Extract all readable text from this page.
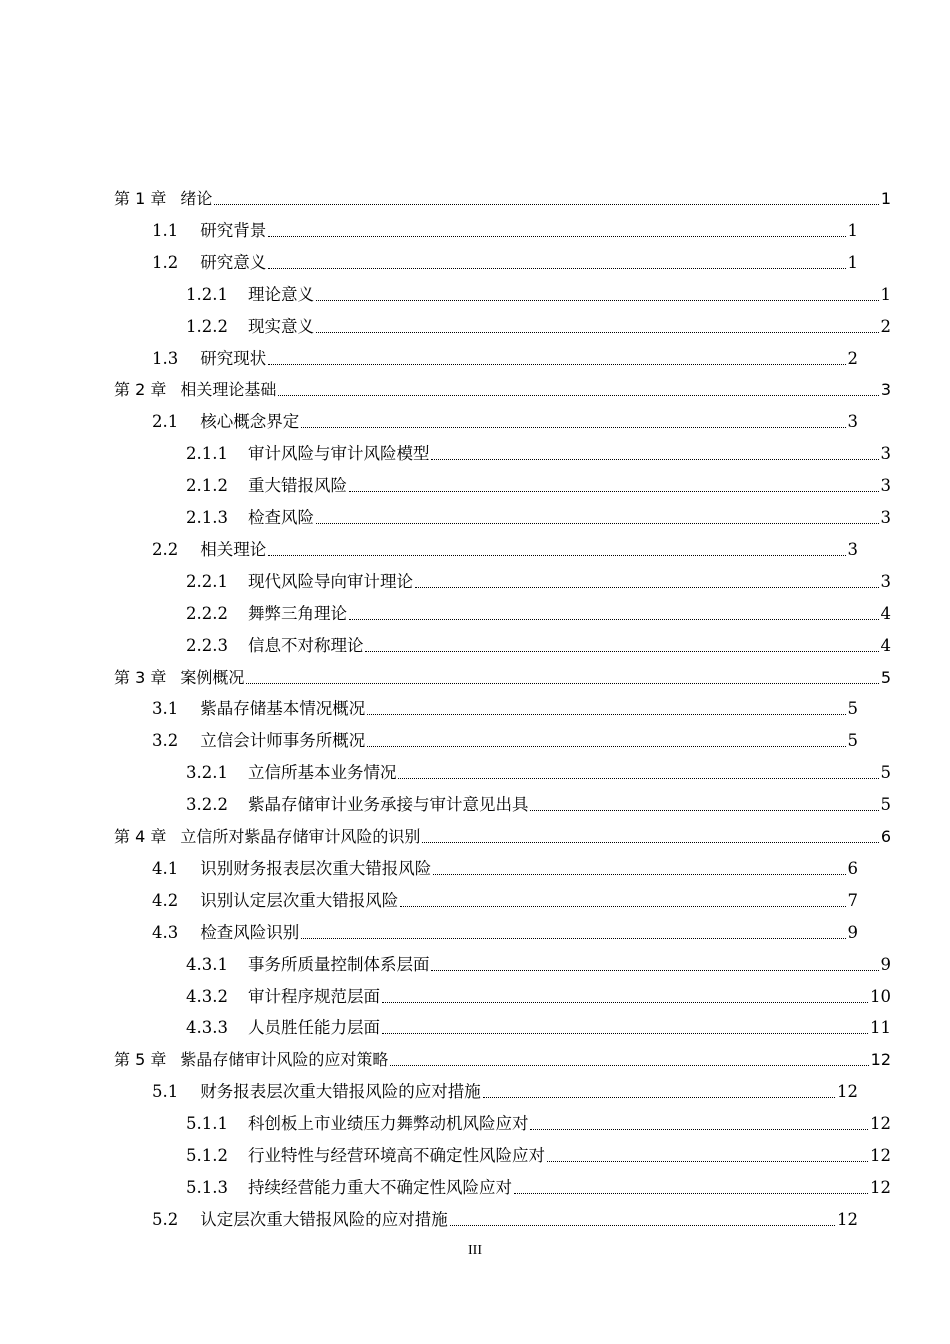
第 1 章 绪论	1
1.1 研究背景	1
1.2 研究意义	1
1.2.1 理论意义	1
1.2.2 现实意义	2
1.3 研究现状	2
第 2 章 相关理论基础	3
2.1 核心概念界定	3
2.1.1 审计风险与审计风险模型	3
2.1.2 重大错报风险	3
2.1.3 检查风险	3
2.2 相关理论	3
2.2.1 现代风险导向审计理论	3
2.2.2 舞弊三角理论	4
2.2.3 信息不对称理论	4
第 3 章 案例概况	5
3.1 紫晶存储基本情况概况	5
3.2 立信会计师事务所概况	5
3.2.1 立信所基本业务情况	5
3.2.2 紫晶存储审计业务承接与审计意见出具	5
第 4 章 立信所对紫晶存储审计风险的识别	6
4.1 识别财务报表层次重大错报风险	6
4.2 识别认定层次重大错报风险	7
4.3 检查风险识别	9
4.3.1 事务所质量控制体系层面	9
4.3.2 审计程序规范层面	10
4.3.3 人员胜任能力层面	11
第 5 章 紫晶存储审计风险的应对策略	12
5.1 财务报表层次重大错报风险的应对措施	12
5.1.1 科创板上市业绩压力舞弊动机风险应对	12
5.1.2 行业特性与经营环境高不确定性风险应对	12
5.1.3 持续经营能力重大不确定性风险应对	12
5.2 认定层次重大错报风险的应对措施	12
III
